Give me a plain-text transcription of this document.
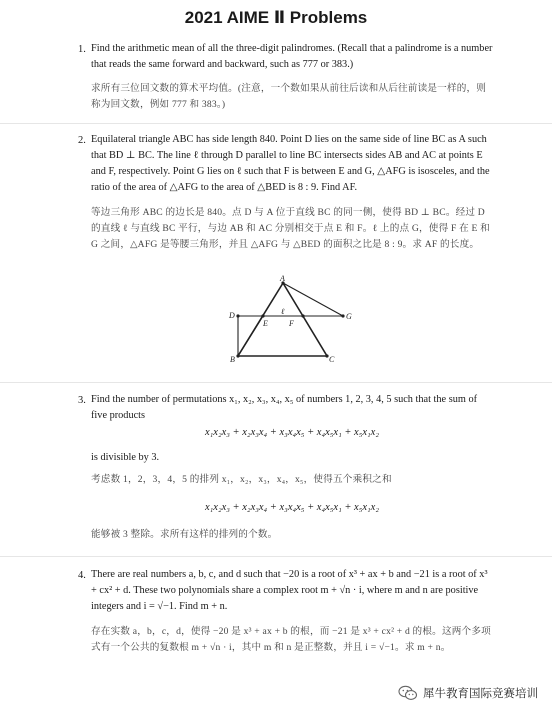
2021 AIME Ⅱ Problems
1. Find the arithmetic mean of all the three-digit palindromes. (Recall that a palindrome is a number that reads the same forward and backward, such as 777 or 383.)
求所有三位回文数的算术平均值。(注意，一个数如果从前往后读和从后往前读是一样的，则称为回文数，例如 777 和 383。)
2. Equilateral triangle ABC has side length 840. Point D lies on the same side of line BC as A such that BD ⊥ BC. The line ℓ through D parallel to line BC intersects sides AB and AC at points E and F, respectively. Point G lies on ℓ such that F is between E and G, △AFG is isosceles, and the ratio of the area of △AFG to the area of △BED is 8 : 9. Find AF.
等边三角形 ABC 的边长是 840。点 D 与 A 位于直线 BC 的同一侧，使得 BD ⊥ BC。经过 D 的直线 ℓ 与直线 BC 平行，与边 AB 和 AC 分别相交于点 E 和 F。ℓ 上的点 G，使得 F 在 E 和 G 之间，△AFG 是等腰三角形，并且 △AFG 与 △BED 的面积之比是 8 : 9。求 AF 的长度。
A
B	C
D
E	F
G
ℓ
3. Find the number of permutations x₁, x₂, x₃, x₄, x₅ of numbers 1, 2, 3, 4, 5 such that the sum of five products
x₁x₂x₃ + x₂x₃x₄ + x₃x₄x₅ + x₄x₅x₁ + x₅x₁x₂
is divisible by 3.
考虑数 1，2，3，4，5 的排列 x₁，x₂，x₃，x₄，x₅，使得五个乘积之和
x₁x₂x₃ + x₂x₃x₄ + x₃x₄x₅ + x₄x₅x₁ + x₅x₁x₂
能够被 3 整除。求所有这样的排列的个数。
4. There are real numbers a, b, c, and d such that −20 is a root of x³ + ax + b and −21 is a root of x³ + cx² + d. These two polynomials share a complex root m + √n · i, where m and n are positive integers and i = √−1. Find m + n.
存在实数 a，b，c，d，使得 −20 是 x³ + ax + b 的根，而 −21 是 x³ + cx² + d 的根。这两个多项式有一个公共的复数根 m + √n · i，其中 m 和 n 是正整数，并且 i = √−1。求 m + n。
犀牛教育国际竞赛培训
